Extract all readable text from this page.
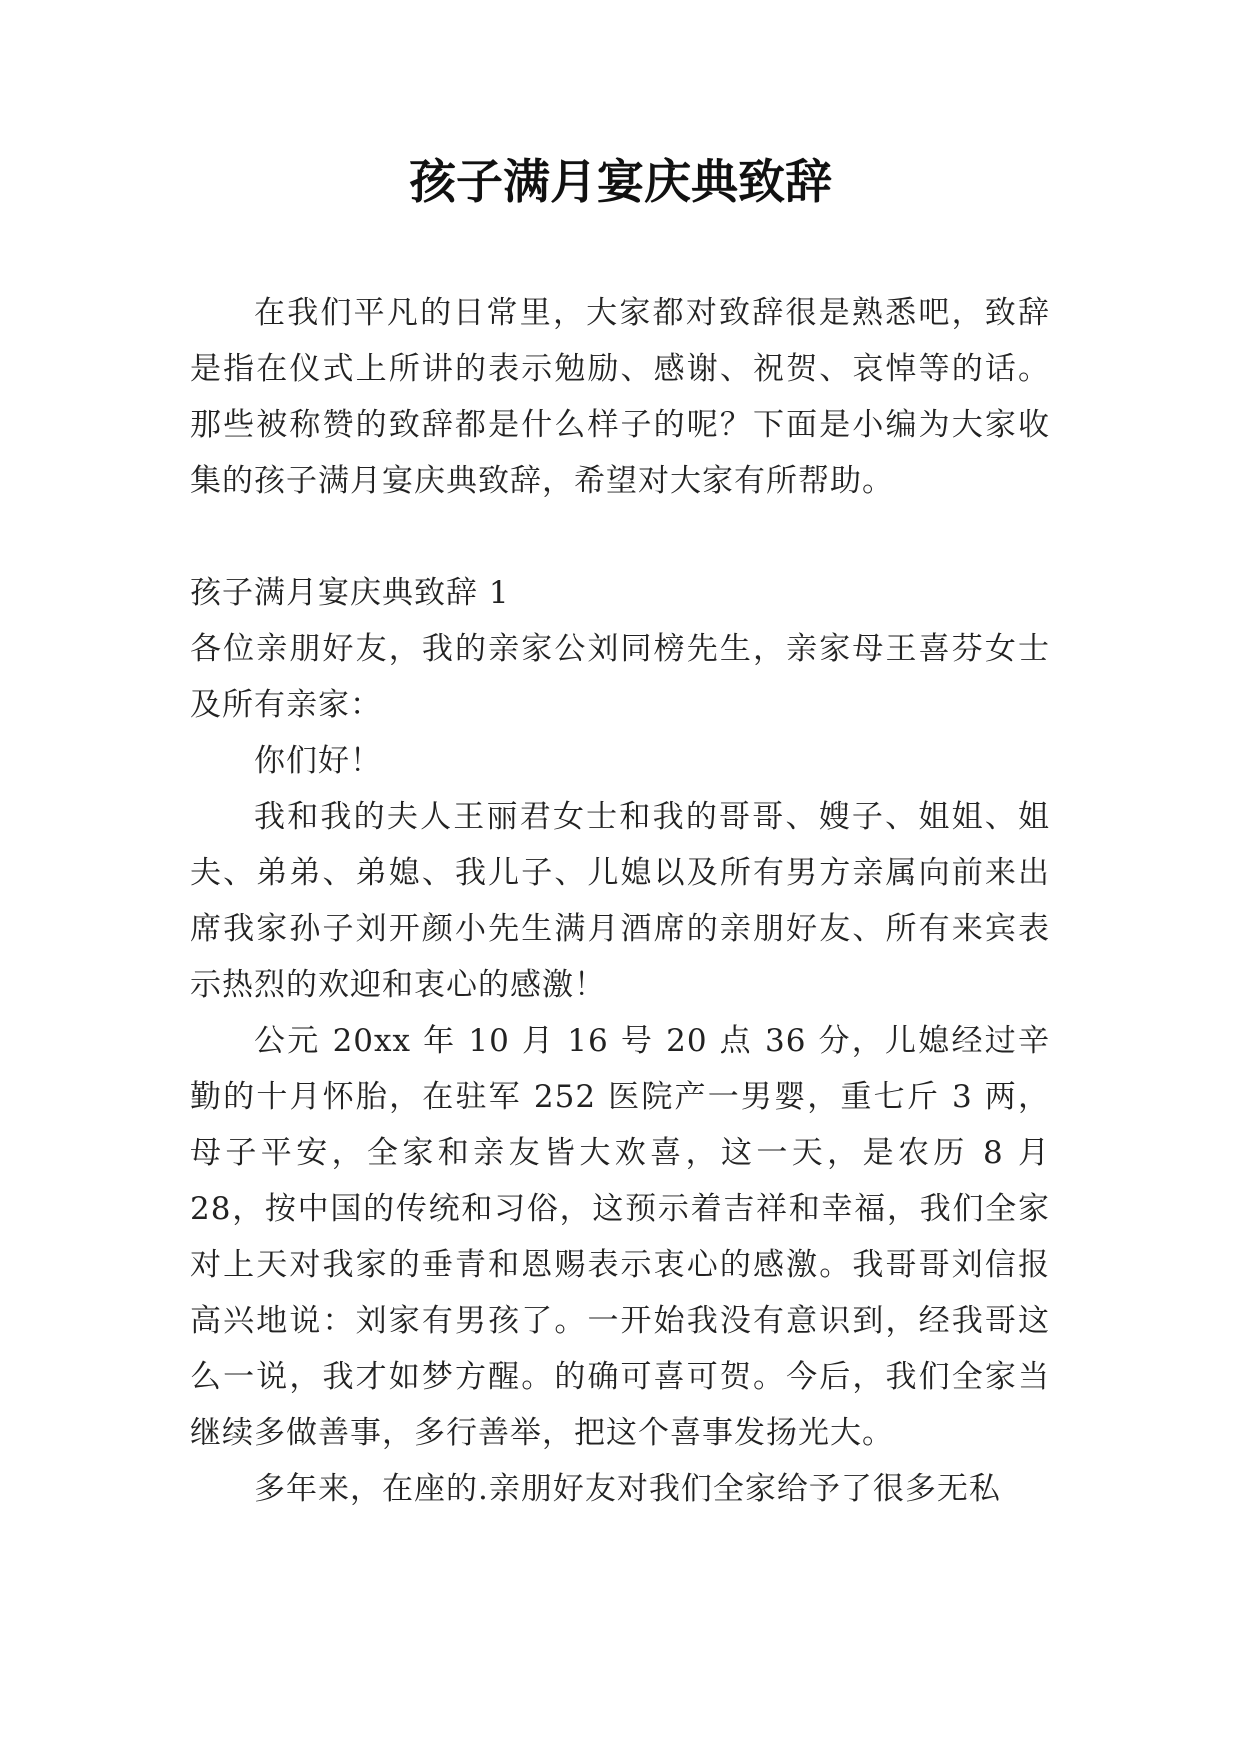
孩子满月宴庆典致辞

在我们平凡的日常里，大家都对致辞很是熟悉吧，致辞是指在仪式上所讲的表示勉励、感谢、祝贺、哀悼等的话。那些被称赞的致辞都是什么样子的呢？下面是小编为大家收集的孩子满月宴庆典致辞，希望对大家有所帮助。

孩子满月宴庆典致辞 1

各位亲朋好友，我的亲家公刘同榜先生，亲家母王喜芬女士及所有亲家：

你们好！

我和我的夫人王丽君女士和我的哥哥、嫂子、姐姐、姐夫、弟弟、弟媳、我儿子、儿媳以及所有男方亲属向前来出席我家孙子刘开颜小先生满月酒席的亲朋好友、所有来宾表示热烈的欢迎和衷心的感激！

公元 20xx 年 10 月 16 号 20 点 36 分，儿媳经过辛勤的十月怀胎，在驻军 252 医院产一男婴，重七斤 3 两，母子平安，全家和亲友皆大欢喜，这一天，是农历 8 月 28，按中国的传统和习俗，这预示着吉祥和幸福，我们全家对上天对我家的垂青和恩赐表示衷心的感激。我哥哥刘信报高兴地说：刘家有男孩了。一开始我没有意识到，经我哥这么一说，我才如梦方醒。的确可喜可贺。今后，我们全家当继续多做善事，多行善举，把这个喜事发扬光大。

多年来，在座的.亲朋好友对我们全家给予了很多无私
